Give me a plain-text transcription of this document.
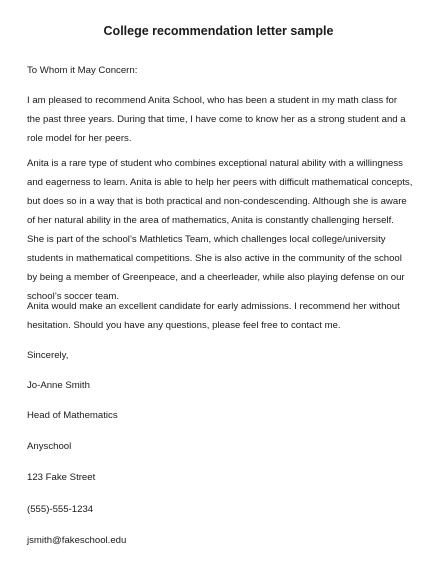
College recommendation letter sample

To Whom it May Concern:

I am pleased to recommend Anita School, who has been a student in my math class for the past three years. During that time, I have come to know her as a strong student and a role model for her peers.

Anita is a rare type of student who combines exceptional natural ability with a willingness and eagerness to learn. Anita is able to help her peers with difficult mathematical concepts, but does so in a way that is both practical and non-condescending. Although she is aware of her natural ability in the area of mathematics, Anita is constantly challenging herself. She is part of the school’s Mathletics Team, which challenges local college/university students in mathematical competitions. She is also active in the community of the school by being a member of Greenpeace, and a cheerleader, while also playing defense on our school’s soccer team.

Anita would make an excellent candidate for early admissions. I recommend her without hesitation. Should you have any questions, please feel free to contact me.

Sincerely,

Jo-Anne Smith

Head of Mathematics

Anyschool

123 Fake Street

(555)-555-1234

jsmith@fakeschool.edu
